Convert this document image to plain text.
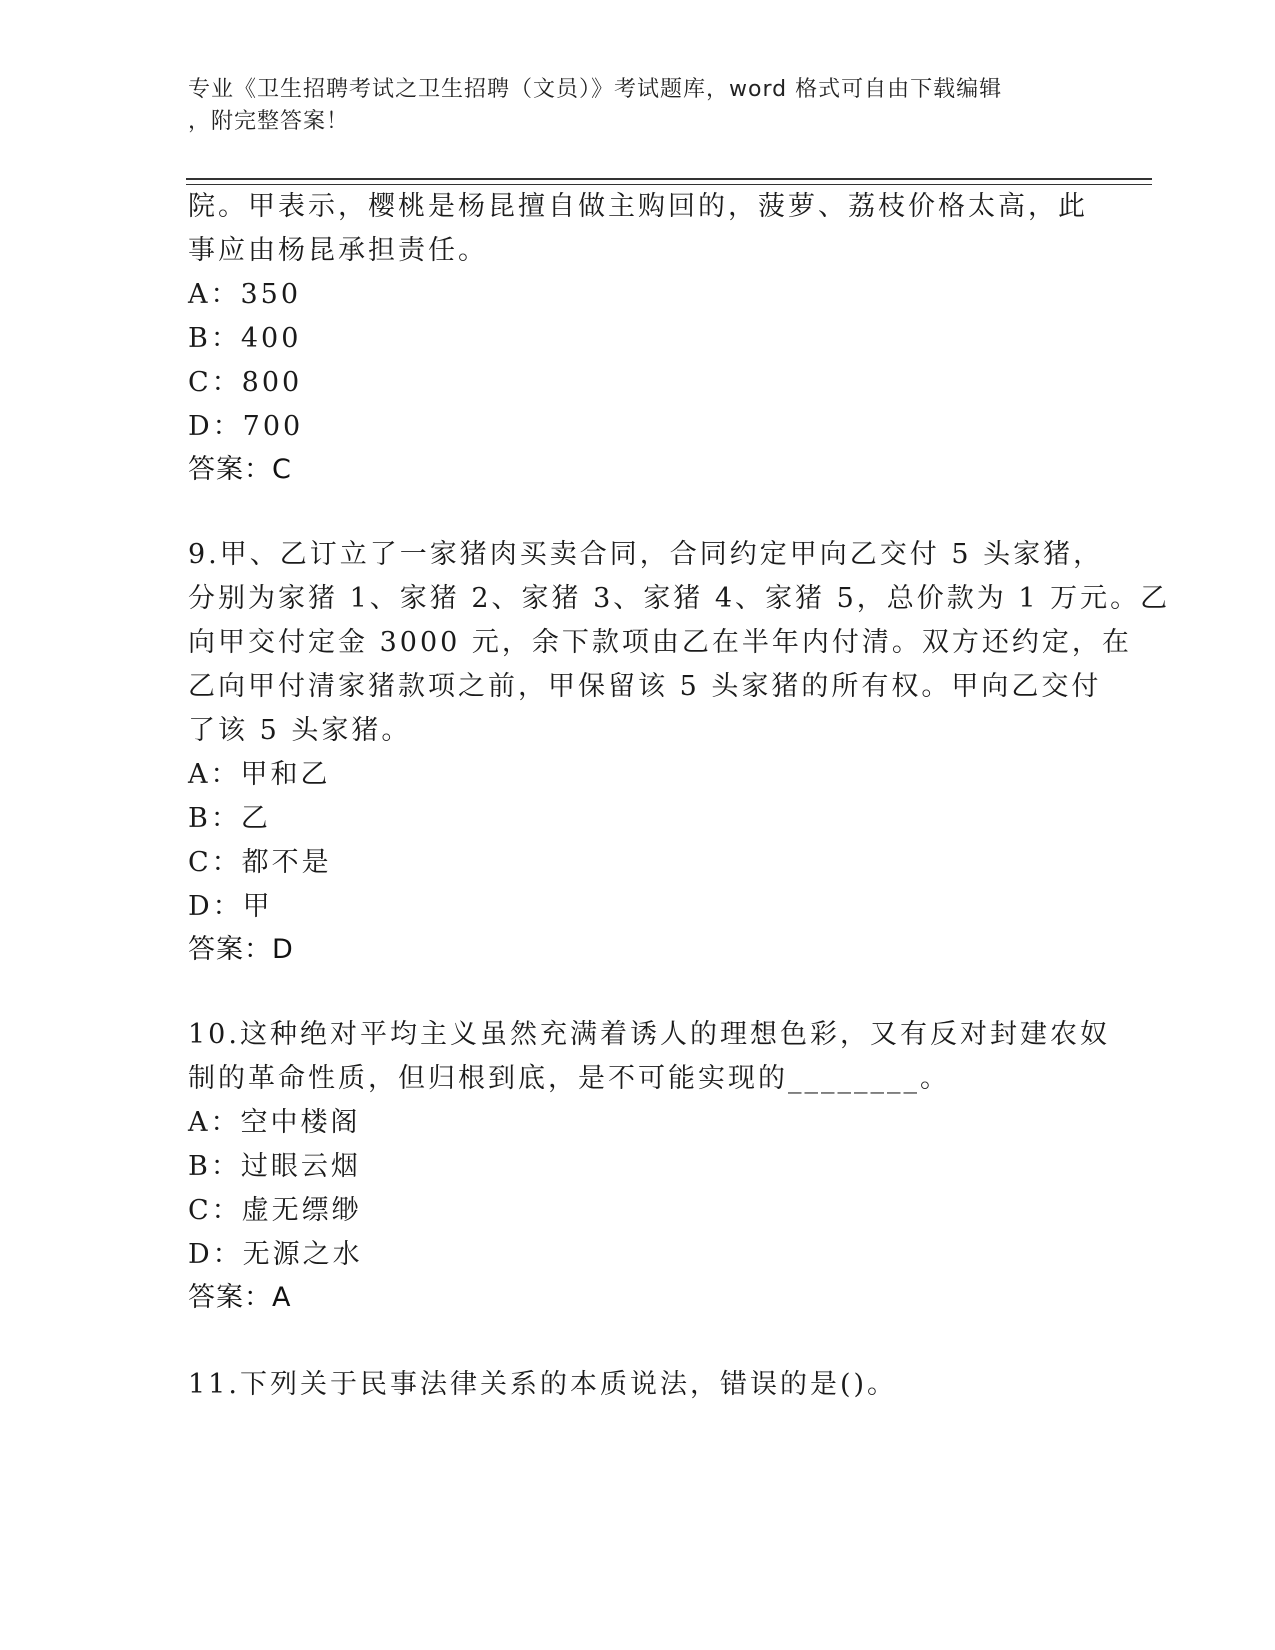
专业《卫生招聘考试之卫生招聘（文员）》考试题库，word 格式可自由下载编辑
，附完整答案！
院。甲表示，樱桃是杨昆擅自做主购回的，菠萝、荔枝价格太高，此
事应由杨昆承担责任。
A：350
B：400
C：800
D：700
答案：C
9.甲、乙订立了一家猪肉买卖合同，合同约定甲向乙交付 5 头家猪，
分别为家猪 1、家猪 2、家猪 3、家猪 4、家猪 5，总价款为 1 万元。乙
向甲交付定金 3000 元，余下款项由乙在半年内付清。双方还约定，在
乙向甲付清家猪款项之前，甲保留该 5 头家猪的所有权。甲向乙交付
了该 5 头家猪。
A：甲和乙
B：乙
C：都不是
D：甲
答案：D
10.这种绝对平均主义虽然充满着诱人的理想色彩，又有反对封建农奴
制的革命性质，但归根到底，是不可能实现的________。
A：空中楼阁
B：过眼云烟
C：虚无缥缈
D：无源之水
答案：A
11.下列关于民事法律关系的本质说法，错误的是()。
